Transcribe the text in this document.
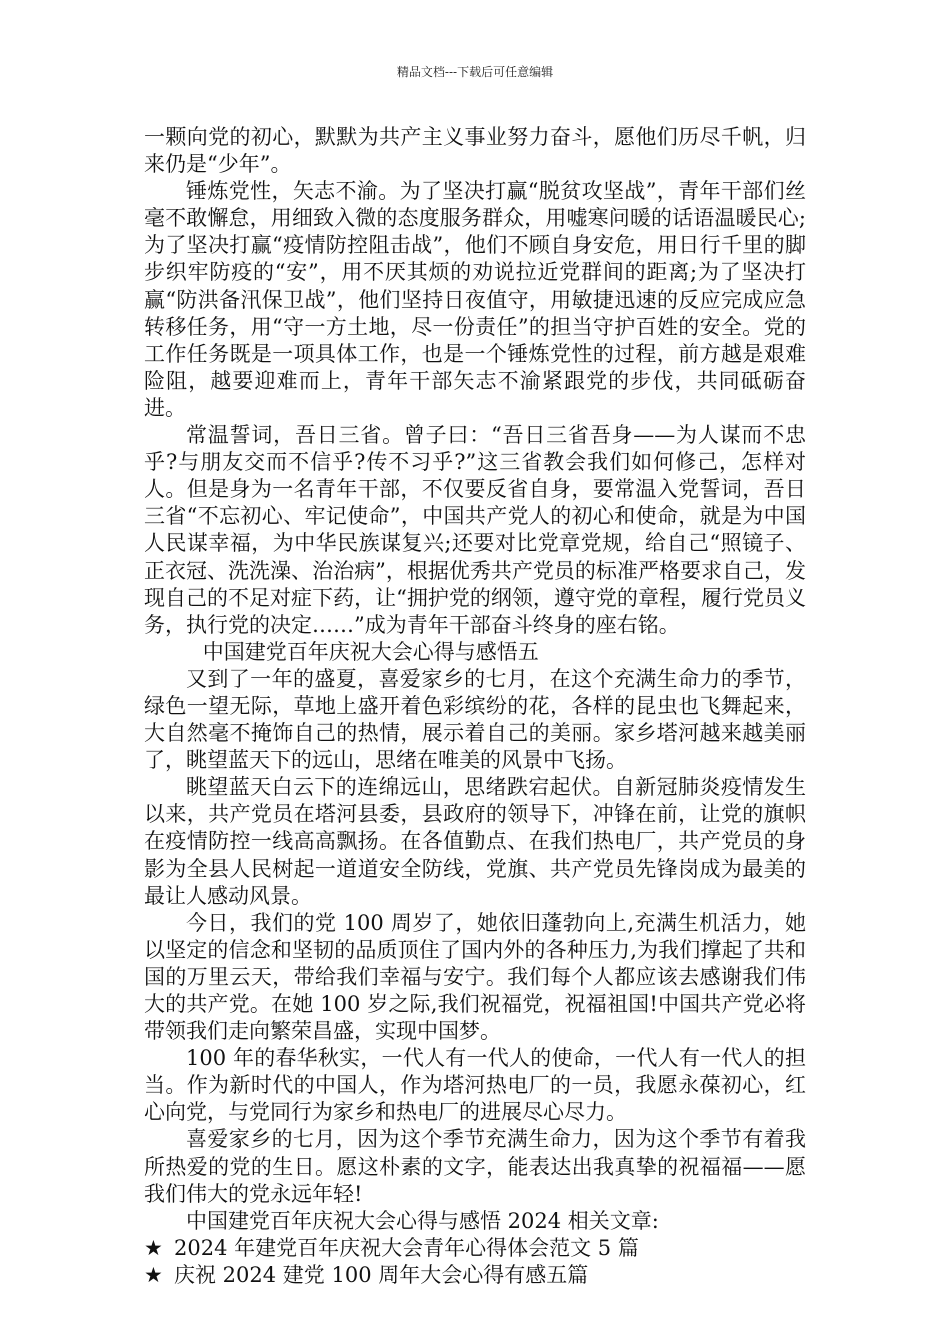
精品文档---下载后可任意编辑

一颗向党的初心，默默为共产主义事业努力奋斗，愿他们历尽千帆，归来仍是“少年”。

锤炼党性，矢志不渝。为了坚决打赢“脱贫攻坚战”，青年干部们丝毫不敢懈怠，用细致入微的态度服务群众，用嘘寒问暖的话语温暖民心;为了坚决打赢“疫情防控阻击战”，他们不顾自身安危，用日行千里的脚步织牢防疫的“安”，用不厌其烦的劝说拉近党群间的距离;为了坚决打赢“防洪备汛保卫战”，他们坚持日夜值守，用敏捷迅速的反应完成应急转移任务，用“守一方土地，尽一份责任”的担当守护百姓的安全。党的工作任务既是一项具体工作，也是一个锤炼党性的过程，前方越是艰难险阻，越要迎难而上，青年干部矢志不渝紧跟党的步伐，共同砥砺奋进。

常温誓词，吾日三省。曾子曰：“吾日三省吾身——为人谋而不忠乎?与朋友交而不信乎?传不习乎?”这三省教会我们如何修己，怎样对人。但是身为一名青年干部，不仅要反省自身，要常温入党誓词，吾日三省“不忘初心、牢记使命”，中国共产党人的初心和使命，就是为中国人民谋幸福，为中华民族谋复兴;还要对比党章党规，给自己“照镜子、正衣冠、洗洗澡、治治病”，根据优秀共产党员的标准严格要求自己，发现自己的不足对症下药，让“拥护党的纲领，遵守党的章程，履行党员义务，执行党的决定……”成为青年干部奋斗终身的座右铭。

中国建党百年庆祝大会心得与感悟五

又到了一年的盛夏，喜爱家乡的七月，在这个充满生命力的季节，绿色一望无际，草地上盛开着色彩缤纷的花，各样的昆虫也飞舞起来，大自然毫不掩饰自己的热情，展示着自己的美丽。家乡塔河越来越美丽了，眺望蓝天下的远山，思绪在唯美的风景中飞扬。

眺望蓝天白云下的连绵远山，思绪跌宕起伏。自新冠肺炎疫情发生以来，共产党员在塔河县委，县政府的领导下，冲锋在前，让党的旗帜在疫情防控一线高高飘扬。在各值勤点、在我们热电厂，共产党员的身影为全县人民树起一道道安全防线，党旗、共产党员先锋岗成为最美的最让人感动风景。

今日，我们的党 100 周岁了，她依旧蓬勃向上,充满生机活力，她以坚定的信念和坚韧的品质顶住了国内外的各种压力,为我们撑起了共和国的万里云天，带给我们幸福与安宁。我们每个人都应该去感谢我们伟大的共产党。在她 100 岁之际,我们祝福党，祝福祖国!中国共产党必将带领我们走向繁荣昌盛，实现中国梦。

100 年的春华秋实，一代人有一代人的使命，一代人有一代人的担当。作为新时代的中国人，作为塔河热电厂的一员，我愿永葆初心，红心向党，与党同行为家乡和热电厂的进展尽心尽力。

喜爱家乡的七月，因为这个季节充满生命力，因为这个季节有着我所热爱的党的生日。愿这朴素的文字，能表达出我真挚的祝福福——愿我们伟大的党永远年轻!

中国建党百年庆祝大会心得与感悟 2024 相关文章:

★ 2024 年建党百年庆祝大会青年心得体会范文 5 篇

★ 庆祝 2024 建党 100 周年大会心得有感五篇
